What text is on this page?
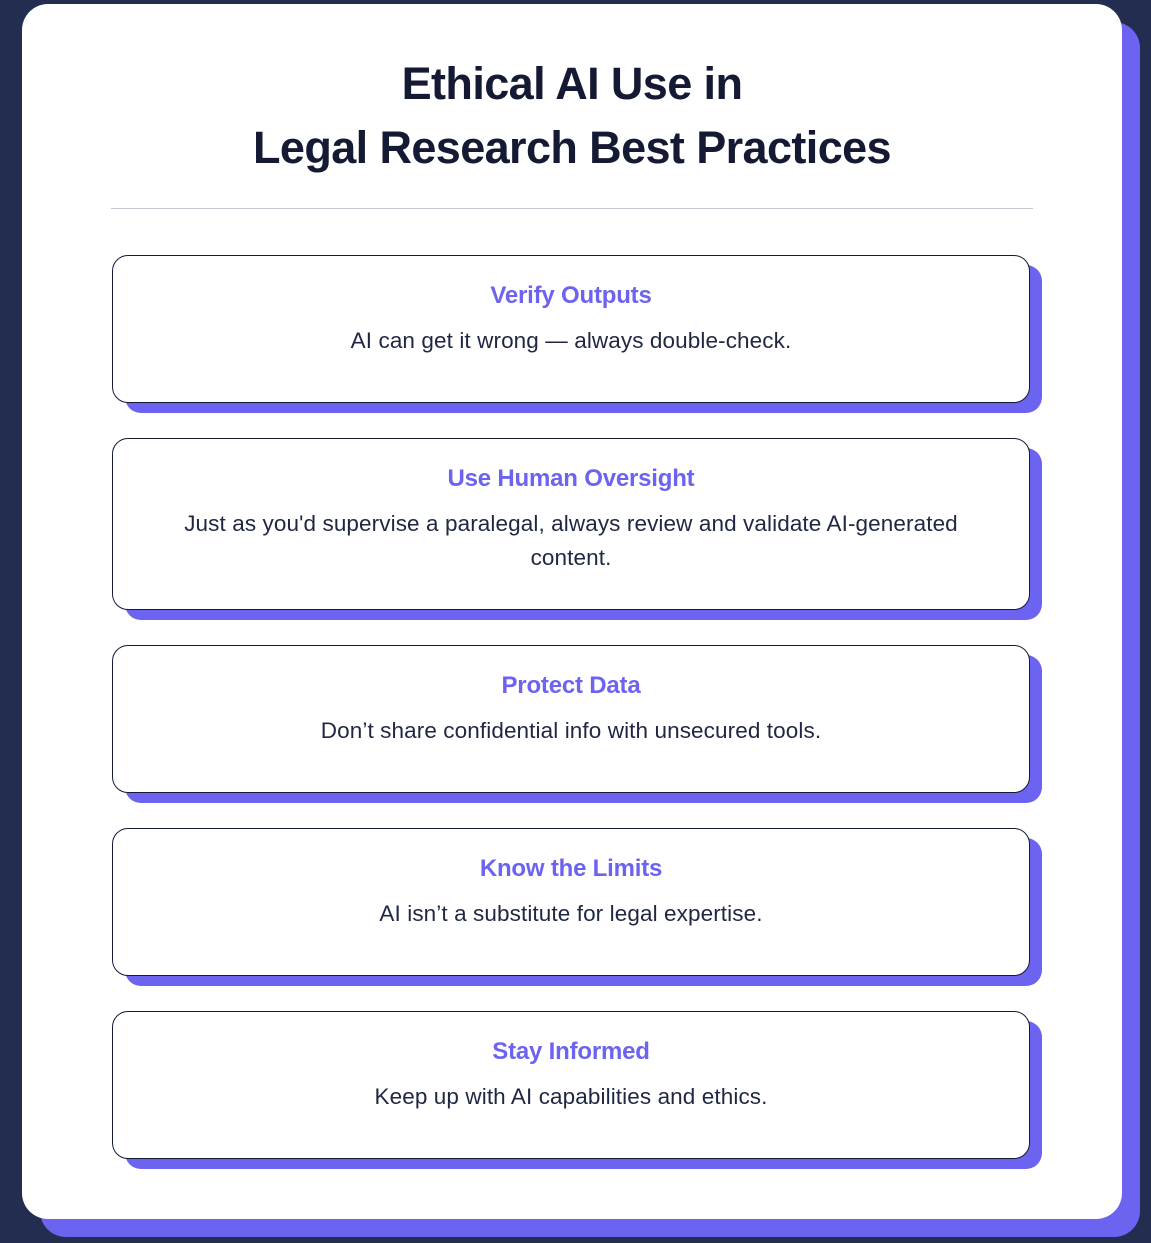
Ethical AI Use in
Legal Research Best Practices
Verify Outputs
AI can get it wrong — always double-check.
Use Human Oversight
Just as you'd supervise a paralegal, always review and validate AI-generated content.
Protect Data
Don’t share confidential info with unsecured tools.
Know the Limits
AI isn’t a substitute for legal expertise.
Stay Informed
Keep up with AI capabilities and ethics.
